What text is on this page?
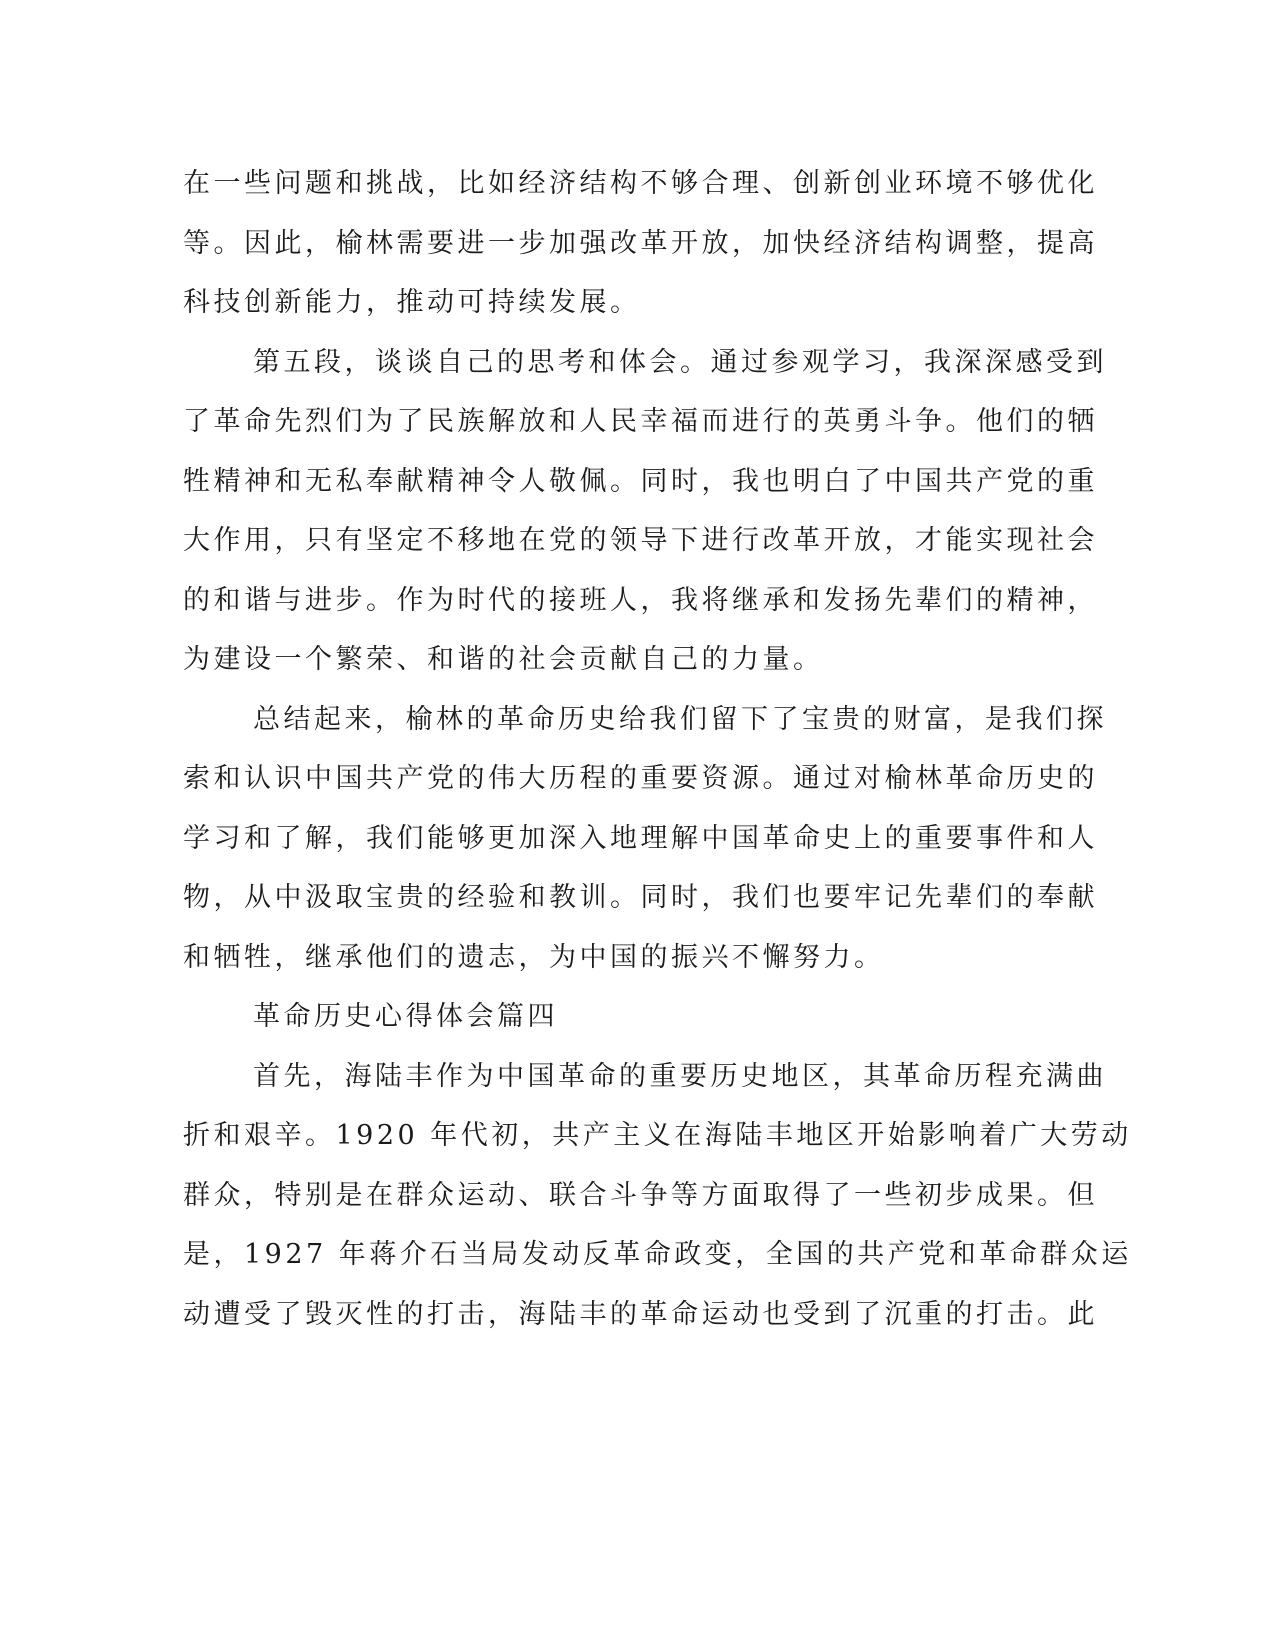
在一些问题和挑战，比如经济结构不够合理、创新创业环境不够优化
等。因此，榆林需要进一步加强改革开放，加快经济结构调整，提高
科技创新能力，推动可持续发展。
第五段，谈谈自己的思考和体会。通过参观学习，我深深感受到
了革命先烈们为了民族解放和人民幸福而进行的英勇斗争。他们的牺
牲精神和无私奉献精神令人敬佩。同时，我也明白了中国共产党的重
大作用，只有坚定不移地在党的领导下进行改革开放，才能实现社会
的和谐与进步。作为时代的接班人，我将继承和发扬先辈们的精神，
为建设一个繁荣、和谐的社会贡献自己的力量。
总结起来，榆林的革命历史给我们留下了宝贵的财富，是我们探
索和认识中国共产党的伟大历程的重要资源。通过对榆林革命历史的
学习和了解，我们能够更加深入地理解中国革命史上的重要事件和人
物，从中汲取宝贵的经验和教训。同时，我们也要牢记先辈们的奉献
和牺牲，继承他们的遗志，为中国的振兴不懈努力。
革命历史心得体会篇四
首先，海陆丰作为中国革命的重要历史地区，其革命历程充满曲
折和艰辛。1920 年代初，共产主义在海陆丰地区开始影响着广大劳动
群众，特别是在群众运动、联合斗争等方面取得了一些初步成果。但
是，1927 年蒋介石当局发动反革命政变，全国的共产党和革命群众运
动遭受了毁灭性的打击，海陆丰的革命运动也受到了沉重的打击。此
